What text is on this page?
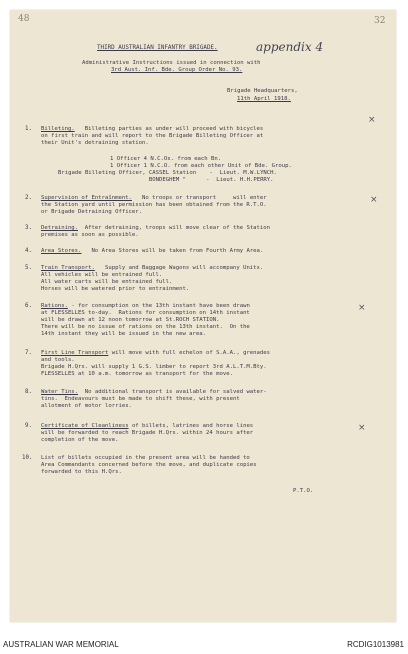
48	32
appendix 4
THIRD AUSTRALIAN INFANTRY BRIGADE.
Administrative Instructions issued in connection with
3rd Aust. Inf. Bde. Group Order No. 93.
Brigade Headquarters,
11th April 1918.
×
×
×
×
1. Billeting. Billeting parties as under will proceed with bicycles
on first train and will report to the Brigade Billeting Officer at
their Unit's detraining station.
1 Officer 4 N.C.Os. from each Bn.
1 Officer 1 N.C.O. from each other Unit of Bde. Group.
Brigade Billeting Officer, CASSEL Station    -  Lieut. M.W.LYNCH.
BONDEGHEM "      -  Lieut. H.H.PERRY.
2. Supervision of Entraînment. No troops or transport     will enter
the Station yard until permission has been obtained from the R.T.O.
or Brigade Detraining Officer.
3. Detraining. After detraining, troops will move clear of the Station
premises as soon as possible.
4. Area Stores. No Area Stores will be taken from Fourth Army Area.
5. Train Transport. Supply and Baggage Wagons will accompany Units.
All vehicles will be entrained full.
All water carts will be entrained full.
Horses will be watered prior to entrainment.
6. Rations. - for consumption on the 13th instant have been drawn
at FLESSELLES to-day.  Rations for consumption on 14th instant
will be drawn at 12 noon tomorrow at St.ROCH STATION.
There will be no issue of rations on the 13th instant.  On the
14th instant they will be issued in the new area.
7. First Line Transport will move with full echelon of S.A.A., grenades
and tools.
Brigade H.Qrs. will supply 1 G.S. limber to report 3rd A.L.T.M.Bty.
FLESSELLES at 10 a.m. tomorrow as transport for the move.
8. Water Tins. No additional transport is available for salved water-
tins.  Endeavours must be made to shift these, with present
allotment of motor lorries.
9. Certificate of Cleanliness of billets, latrines and horse lines
will be forwarded to reach Brigade H.Qrs. within 24 hours after
completion of the move.
10. List of billets occupied in the present area will be handed to
Area Commandants concerned before the move, and duplicate copies
forwarded to this H.Qrs.
P.T.O.
AUSTRALIAN WAR MEMORIAL	RCDIG1013981
